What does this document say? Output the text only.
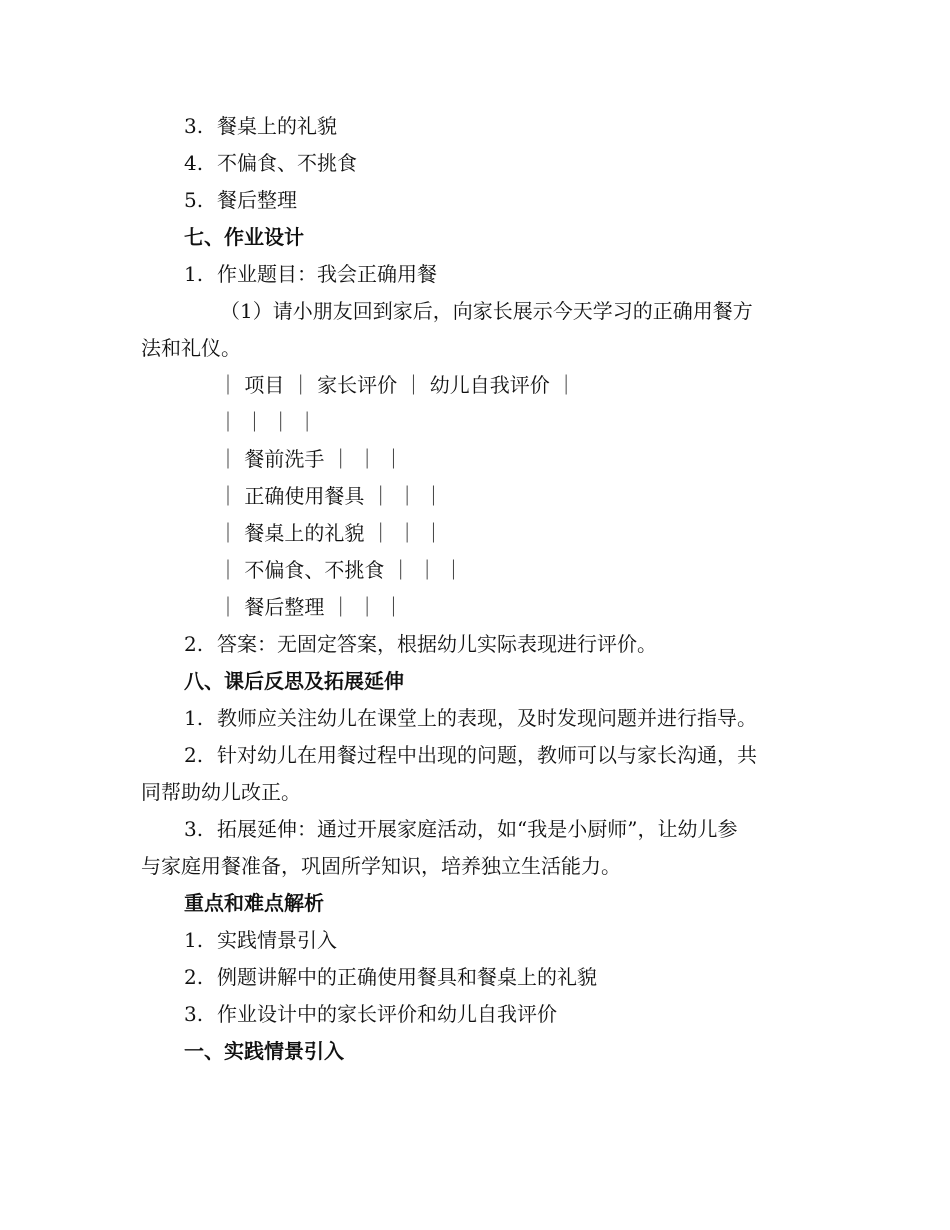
3. 餐桌上的礼貌
4. 不偏食、不挑食
5. 餐后整理
七、作业设计
1. 作业题目：我会正确用餐
（1）请小朋友回到家后，向家长展示今天学习的正确用餐方
法和礼仪。
｜ 项目 ｜ 家长评价 ｜ 幼儿自我评价 ｜
｜ ｜ ｜ ｜
｜ 餐前洗手 ｜ ｜ ｜
｜ 正确使用餐具 ｜ ｜ ｜
｜ 餐桌上的礼貌 ｜ ｜ ｜
｜ 不偏食、不挑食 ｜ ｜ ｜
｜ 餐后整理 ｜ ｜ ｜
2. 答案：无固定答案，根据幼儿实际表现进行评价。
八、课后反思及拓展延伸
1. 教师应关注幼儿在课堂上的表现，及时发现问题并进行指导。
2. 针对幼儿在用餐过程中出现的问题，教师可以与家长沟通，共
同帮助幼儿改正。
3. 拓展延伸：通过开展家庭活动，如“我是小厨师”，让幼儿参
与家庭用餐准备，巩固所学知识，培养独立生活能力。
重点和难点解析
1. 实践情景引入
2. 例题讲解中的正确使用餐具和餐桌上的礼貌
3. 作业设计中的家长评价和幼儿自我评价
一、实践情景引入
